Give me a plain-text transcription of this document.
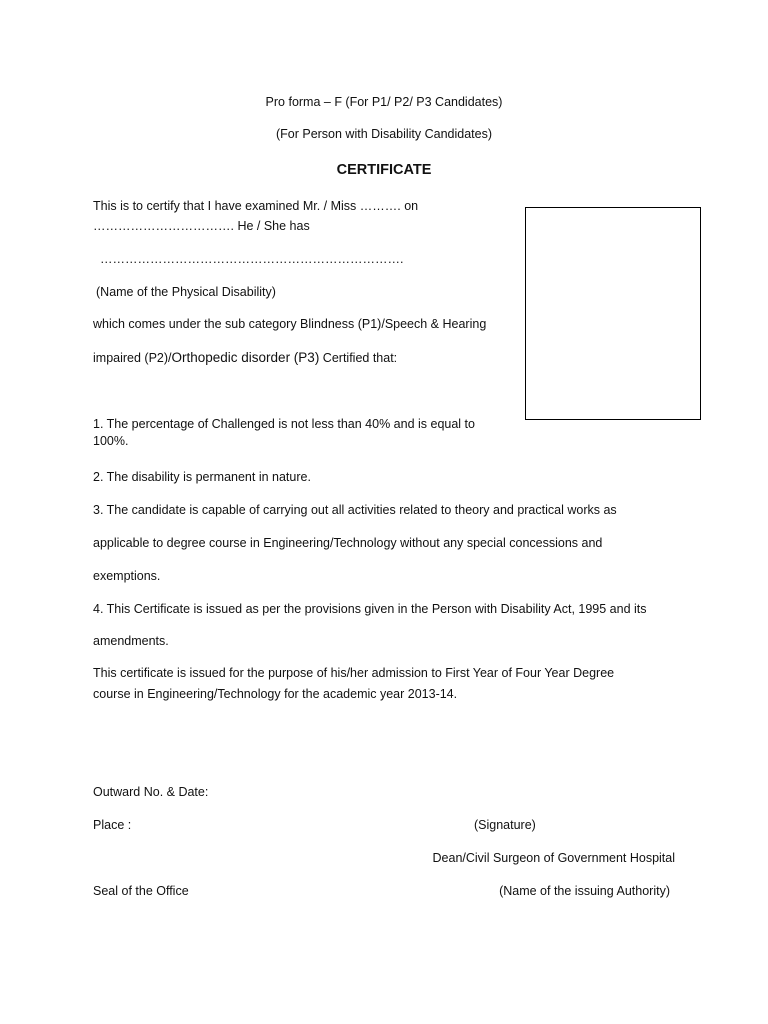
Pro forma – F (For P1/ P2/ P3 Candidates)

(For Person with Disability Candidates)

CERTIFICATE

This is to certify that I have examined Mr. / Miss ………. on

……………………………. He / She has

……………………………………………………………….

(Name of the Physical Disability)

which comes under the sub category Blindness (P1)/Speech & Hearing

impaired (P2)/Orthopedic disorder (P3) Certified that:

1. The percentage of Challenged is not less than 40% and is equal to 100%.

2. The disability is permanent in nature.

3. The candidate is capable of carrying out all activities related to theory and practical works as

applicable to degree course in Engineering/Technology without any special concessions and

exemptions.

4. This Certificate is issued as per the provisions given in the Person with Disability Act, 1995 and its

amendments.

This certificate is issued for the purpose of his/her admission to First Year of Four Year Degree

course in Engineering/Technology for the academic year 2013-14.

Outward No. & Date:

Place :	(Signature)

Dean/Civil Surgeon of Government Hospital

Seal of the Office	(Name of the issuing Authority)
